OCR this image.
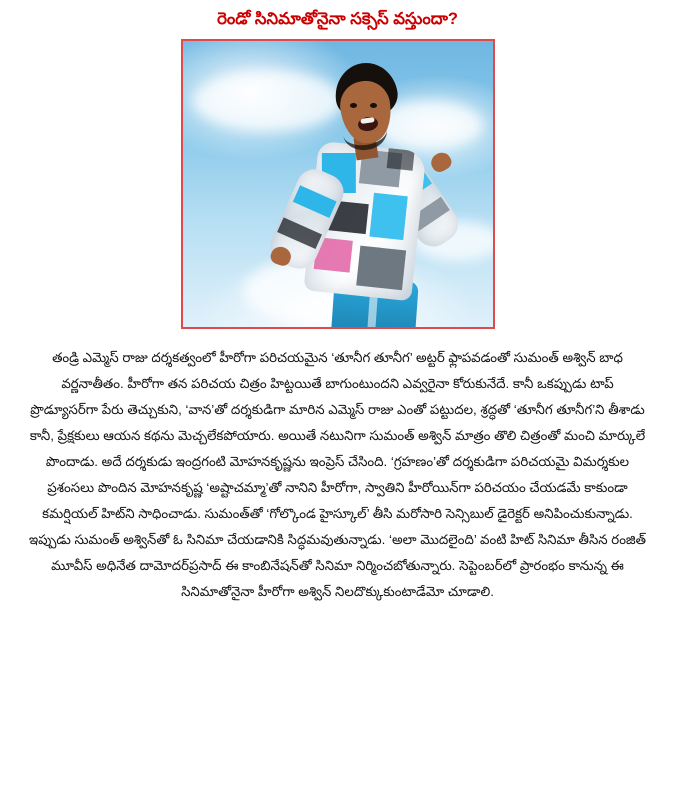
రెండో సినిమాతోనైనా సక్సెస్ వస్తుందా?

తండ్రి ఎమ్మెస్ రాజు దర్శకత్వంలో హీరోగా పరిచయమైన ‘తూనీగ తూనీగ’ అట్టర్ ఫ్లాపవడంతో సుమంత్ అశ్విన్ బాధ వర్ణనాతీతం. హీరోగా తన పరిచయ చిత్రం హిట్టయితే బాగుంటుందని ఎవ్వరైనా కోరుకునేదే. కానీ ఒకప్పుడు టాప్ ప్రొడ్యూసర్‌గా పేరు తెచ్చుకుని, ‘వాన’తో దర్శకుడిగా మారిన ఎమ్మెస్ రాజు ఎంతో పట్టుదల, శ్రద్ధతో ‘తూనీగ తూనీగ’ని తీశాడు కానీ, ప్రేక్షకులు ఆయన కథను మెచ్చలేకపోయారు. అయితే నటునిగా సుమంత్ అశ్విన్ మాత్రం తొలి చిత్రంతో మంచి మార్కులే పొందాడు. అదే దర్శకుడు ఇంద్రగంటి మోహనకృష్ణను ఇంప్రెస్ చేసింది. ‘గ్రహణం’తో దర్శకుడిగా పరిచయమై విమర్శకుల ప్రశంసలు పొందిన మోహనకృష్ణ ‘అష్టాచమ్మా’తో నానిని హీరోగా, స్వాతిని హీరోయిన్‌గా పరిచయం చేయడమే కాకుండా కమర్షియల్ హిట్‌ని సాధించాడు. సుమంత్‌తో ‘గోల్కొండ హైస్కూల్’ తీసి మరోసారి సెన్సిబుల్ డైరెక్టర్ అనిపించుకున్నాడు. ఇప్పుడు సుమంత్ అశ్విన్‌తో ఓ సినిమా చేయడానికి సిద్ధమవుతున్నాడు. ‘అలా మొదలైంది’ వంటి హిట్ సినిమా తీసిన రంజిత్ మూవీస్ అధినేత దామోదర్‌ప్రసాద్ ఈ కాంబినేషన్‌తో సినిమా నిర్మించబోతున్నారు. సెప్టెంబర్‌లో ప్రారంభం కానున్న ఈ సినిమాతోనైనా హీరోగా అశ్విన్ నిలదొక్కుకుంటాడేమో చూడాలి.
